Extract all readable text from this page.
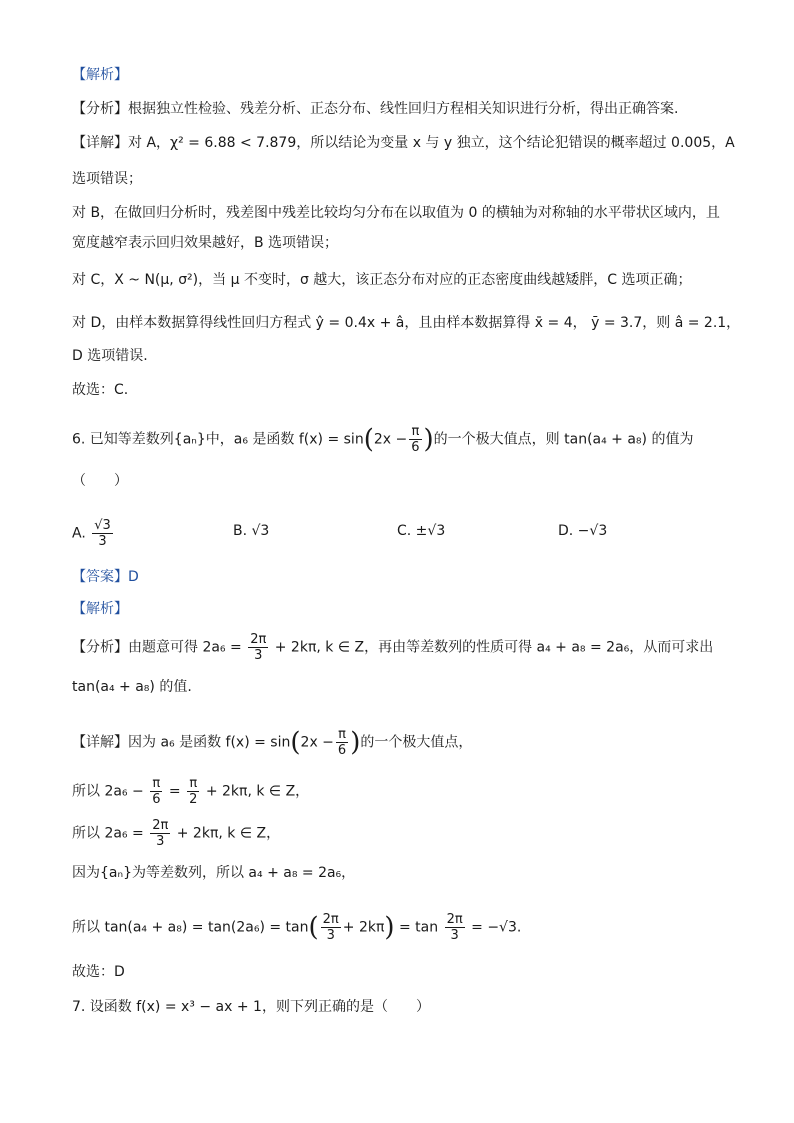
【解析】
【分析】根据独立性检验、残差分析、正态分布、线性回归方程相关知识进行分析，得出正确答案.
【详解】对 A，χ² = 6.88 < 7.879，所以结论为变量 x 与 y 独立，这个结论犯错误的概率超过 0.005，A
选项错误；
对 B，在做回归分析时，残差图中残差比较均匀分布在以取值为 0 的横轴为对称轴的水平带状区域内，且
宽度越窄表示回归效果越好，B 选项错误；
对 C，X ~ N(μ, σ²)，当 μ 不变时，σ 越大，该正态分布对应的正态密度曲线越矮胖，C 选项正确；
对 D，由样本数据算得线性回归方程式 ŷ = 0.4x + â，且由样本数据算得 x̄ = 4， ȳ = 3.7，则 â = 2.1，
D 选项错误.
故选：C.
6. 已知等差数列{aₙ}中，a₆ 是函数 $f(x) = \sin(2x - \frac{\pi}{6}$ )的一个极大值点，则 tan(a₄ + a₈) 的值为
（　　）
A. $\frac{√3}{3}$	B. √3	C. ±√3	D. −√3
【答案】D
【解析】
【分析】由题意可得 $2a_6 = \frac{2\pi}{3} + 2k\pi$, k ∈ Z，再由等差数列的性质可得 a₄ + a₈ = 2a₆，从而可求出
tan(a₄ + a₈) 的值.
【详解】因为 a₆ 是函数 $f(x) = \sin(2x - \frac{\pi}{6}$ )的一个极大值点，
所以 $2a_6 - \frac{\pi}{6} = \frac{\pi}{2} + 2k\pi$, k ∈ Z，
所以 $2a_6 = \frac{2\pi}{3} + 2k\pi$, k ∈ Z，
因为{aₙ}为等差数列，所以 a₄ + a₈ = 2a₆，
所以 $\tan(a_4 + a_8) = \tan(2a_6) = \tan( \frac{2\pi}{3} + 2k\pi) = \tan \frac{2\pi}{3} = -√3$.
故选：D
7. 设函数 f(x) = x³ − ax + 1，则下列正确的是（　　）
